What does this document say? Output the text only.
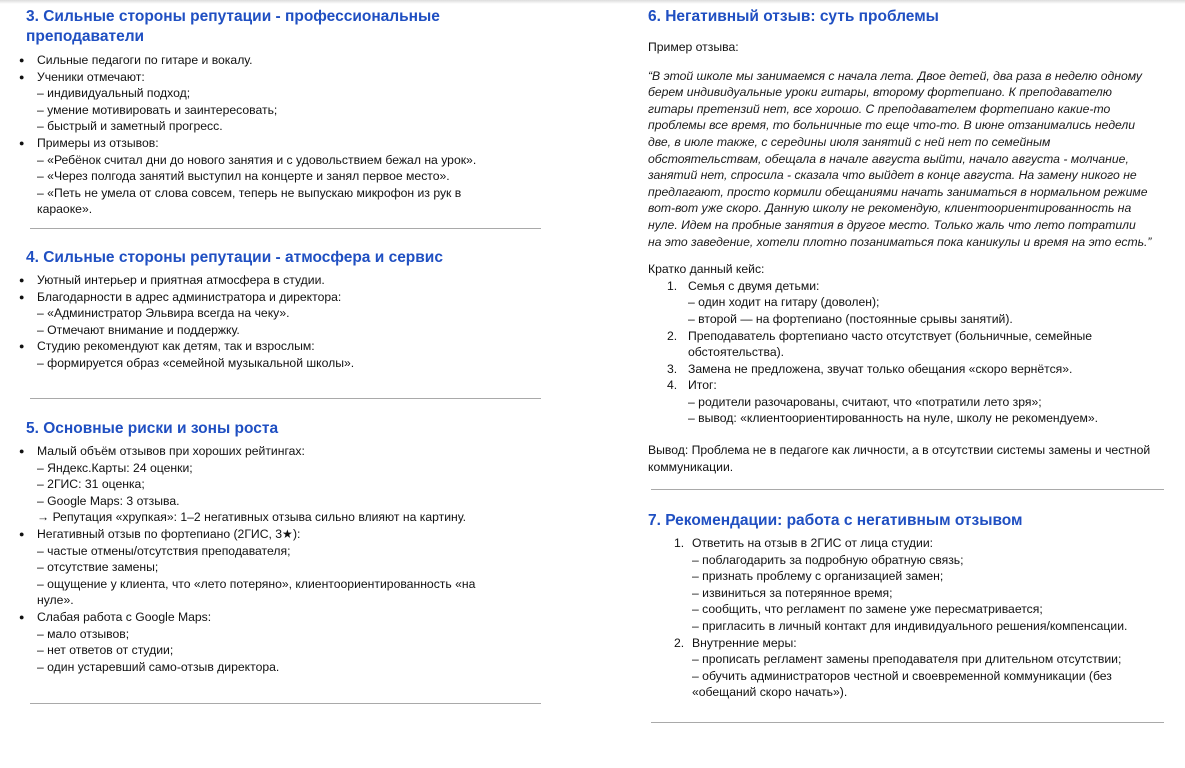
3. Сильные стороны репутации - профессиональные
преподаватели
● Сильные педагоги по гитаре и вокалу.
● Ученики отмечают:
– индивидуальный подход;
– умение мотивировать и заинтересовать;
– быстрый и заметный прогресс.
● Примеры из отзывов:
– «Ребёнок считал дни до нового занятия и с удовольствием бежал на урок».
– «Через полгода занятий выступил на концерте и занял первое место».
– «Петь не умела от слова совсем, теперь не выпускаю микрофон из рук в
караоке».
4. Сильные стороны репутации - атмосфера и сервис
● Уютный интерьер и приятная атмосфера в студии.
● Благодарности в адрес администратора и директора:
– «Администратор Эльвира всегда на чеку».
– Отмечают внимание и поддержку.
● Студию рекомендуют как детям, так и взрослым:
– формируется образ «семейной музыкальной школы».
5. Основные риски и зоны роста
● Малый объём отзывов при хороших рейтингах:
– Яндекс.Карты: 24 оценки;
– 2ГИС: 31 оценка;
– Google Maps: 3 отзыва.
→ Репутация «хрупкая»: 1–2 негативных отзыва сильно влияют на картину.
● Негативный отзыв по фортепиано (2ГИС, 3★):
– частые отмены/отсутствия преподавателя;
– отсутствие замены;
– ощущение у клиента, что «лето потеряно», клиентоориентированность «на
нуле».
● Слабая работа с Google Maps:
– мало отзывов;
– нет ответов от студии;
– один устаревший само-отзыв директора.
6. Негативный отзыв: суть проблемы
Пример отзыва:
“В этой школе мы занимаемся с начала лета. Двое детей, два раза в неделю одному
берем индивидуальные уроки гитары, второму фортепиано. К преподавателю
гитары претензий нет, все хорошо. С преподавателем фортепиано какие-то
проблемы все время, то больничные то еще что-то. В июне отзанимались недели
две, в июле также, с середины июля занятий с ней нет по семейным
обстоятельствам, обещала в начале августа выйти, начало августа - молчание,
занятий нет, спросила - сказала что выйдет в конце августа. На замену никого не
предлагают, просто кормили обещаниями начать заниматься в нормальном режиме
вот-вот уже скоро. Данную школу не рекомендую, клиентоориентированность на
нуле. Идем на пробные занятия в другое место. Только жаль что лето потратили
на это заведение, хотели плотно позаниматься пока каникулы и время на это есть.”
Кратко данный кейс:
1. Семья с двумя детьми:
– один ходит на гитару (доволен);
– второй — на фортепиано (постоянные срывы занятий).
2. Преподаватель фортепиано часто отсутствует (больничные, семейные
обстоятельства).
3. Замена не предложена, звучат только обещания «скоро вернётся».
4. Итог:
– родители разочарованы, считают, что «потратили лето зря»;
– вывод: «клиентоориентированность на нуле, школу не рекомендуем».
Вывод: Проблема не в педагоге как личности, а в отсутствии системы замены и честной
коммуникации.
7. Рекомендации: работа с негативным отзывом
1. Ответить на отзыв в 2ГИС от лица студии:
– поблагодарить за подробную обратную связь;
– признать проблему с организацией замен;
– извиниться за потерянное время;
– сообщить, что регламент по замене уже пересматривается;
– пригласить в личный контакт для индивидуального решения/компенсации.
2. Внутренние меры:
– прописать регламент замены преподавателя при длительном отсутствии;
– обучить администраторов честной и своевременной коммуникации (без
«обещаний скоро начать»).
